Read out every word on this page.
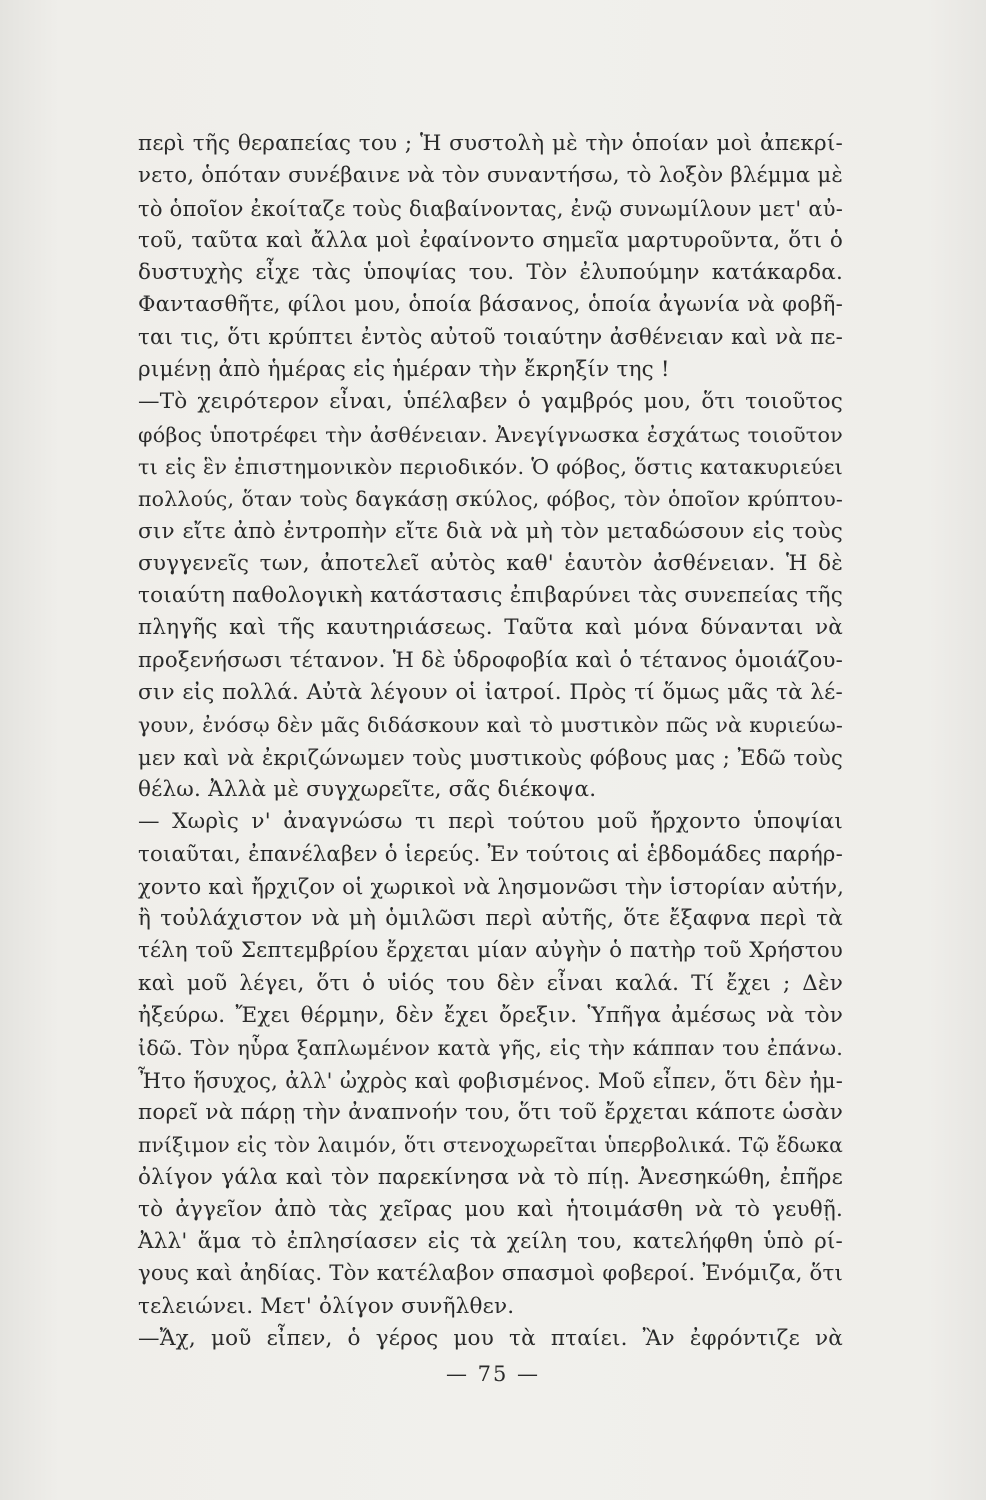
περὶ τῆς θεραπείας του ; Ἡ συστολὴ μὲ τὴν ὁποίαν μοὶ ἀπεκρί-
νετο, ὁπόταν συνέβαινε νὰ τὸν συναντήσω, τὸ λοξὸν βλέμμα μὲ
τὸ ὁποῖον ἐκοίταζε τοὺς διαβαίνοντας, ἐνῷ συνωμίλουν μετ' αὐ-
τοῦ, ταῦτα καὶ ἄλλα μοὶ ἐφαίνοντο σημεῖα μαρτυροῦντα, ὅτι ὁ
δυστυχὴς εἶχε τὰς ὑποψίας του. Τὸν ἐλυπούμην κατάκαρδα.
Φαντασθῆτε, φίλοι μου, ὁποία βάσανος, ὁποία ἀγωνία νὰ φοβῆ-
ται τις, ὅτι κρύπτει ἐντὸς αὐτοῦ τοιαύτην ἀσθένειαν καὶ νὰ πε-
ριμένῃ ἀπὸ ἡμέρας εἰς ἡμέραν τὴν ἔκρηξίν της !
—Τὸ χειρότερον εἶναι, ὑπέλαβεν ὁ γαμβρός μου, ὅτι τοιοῦτος
φόβος ὑποτρέφει τὴν ἀσθένειαν. Ἀνεγίγνωσκα ἐσχάτως τοιοῦτον
τι εἰς ἓν ἐπιστημονικὸν περιοδικόν. Ὁ φόβος, ὅστις κατακυριεύει
πολλούς, ὅταν τοὺς δαγκάσῃ σκύλος, φόβος, τὸν ὁποῖον κρύπτου-
σιν εἴτε ἀπὸ ἐντροπὴν εἴτε διὰ νὰ μὴ τὸν μεταδώσουν εἰς τοὺς
συγγενεῖς των, ἀποτελεῖ αὐτὸς καθ' ἑαυτὸν ἀσθένειαν. Ἡ δὲ
τοιαύτη παθολογικὴ κατάστασις ἐπιβαρύνει τὰς συνεπείας τῆς
πληγῆς καὶ τῆς καυτηριάσεως. Ταῦτα καὶ μόνα δύνανται νὰ
προξενήσωσι τέτανον. Ἡ δὲ ὑδροφοβία καὶ ὁ τέτανος ὁμοιάζου-
σιν εἰς πολλά. Αὐτὰ λέγουν οἱ ἰατροί. Πρὸς τί ὅμως μᾶς τὰ λέ-
γουν, ἐνόσῳ δὲν μᾶς διδάσκουν καὶ τὸ μυστικὸν πῶς νὰ κυριεύω-
μεν καὶ νὰ ἐκριζώνωμεν τοὺς μυστικοὺς φόβους μας ; Ἐδῶ τοὺς
θέλω. Ἀλλὰ μὲ συγχωρεῖτε, σᾶς διέκοψα.
— Χωρὶς ν' ἀναγνώσω τι περὶ τούτου μοῦ ἤρχοντο ὑποψίαι
τοιαῦται, ἐπανέλαβεν ὁ ἱερεύς. Ἐν τούτοις αἱ ἑβδομάδες παρήρ-
χοντο καὶ ἤρχιζον οἱ χωρικοὶ νὰ λησμονῶσι τὴν ἱστορίαν αὐτήν,
ἢ τοὐλάχιστον νὰ μὴ ὁμιλῶσι περὶ αὐτῆς, ὅτε ἔξαφνα περὶ τὰ
τέλη τοῦ Σεπτεμβρίου ἔρχεται μίαν αὐγὴν ὁ πατὴρ τοῦ Χρήστου
καὶ μοῦ λέγει, ὅτι ὁ υἱός του δὲν εἶναι καλά. Τί ἔχει ; Δὲν
ἠξεύρω. Ἔχει θέρμην, δὲν ἔχει ὄρεξιν. Ὑπῆγα ἀμέσως νὰ τὸν
ἰδῶ. Τὸν ηὗρα ξαπλωμένον κατὰ γῆς, εἰς τὴν κάππαν του ἐπάνω.
Ἦτο ἥσυχος, ἀλλ' ὠχρὸς καὶ φοβισμένος. Μοῦ εἶπεν, ὅτι δὲν ἠμ-
πορεῖ νὰ πάρῃ τὴν ἀναπνοήν του, ὅτι τοῦ ἔρχεται κάποτε ὡσὰν
πνίξιμον εἰς τὸν λαιμόν, ὅτι στενοχωρεῖται ὑπερβολικά. Τῷ ἔδωκα
ὀλίγον γάλα καὶ τὸν παρεκίνησα νὰ τὸ πίῃ. Ἀνεσηκώθη, ἐπῆρε
τὸ ἀγγεῖον ἀπὸ τὰς χεῖρας μου καὶ ἡτοιμάσθη νὰ τὸ γευθῇ.
Ἀλλ' ἅμα τὸ ἐπλησίασεν εἰς τὰ χείλη του, κατελήφθη ὑπὸ ρί-
γους καὶ ἀηδίας. Τὸν κατέλαβον σπασμοὶ φοβεροί. Ἐνόμιζα, ὅτι
τελειώνει. Μετ' ὀλίγον συνῆλθεν.
—Ἄχ, μοῦ εἶπεν, ὁ γέρος μου τὰ πταίει. Ἂν ἐφρόντιζε νὰ
— 75 —
